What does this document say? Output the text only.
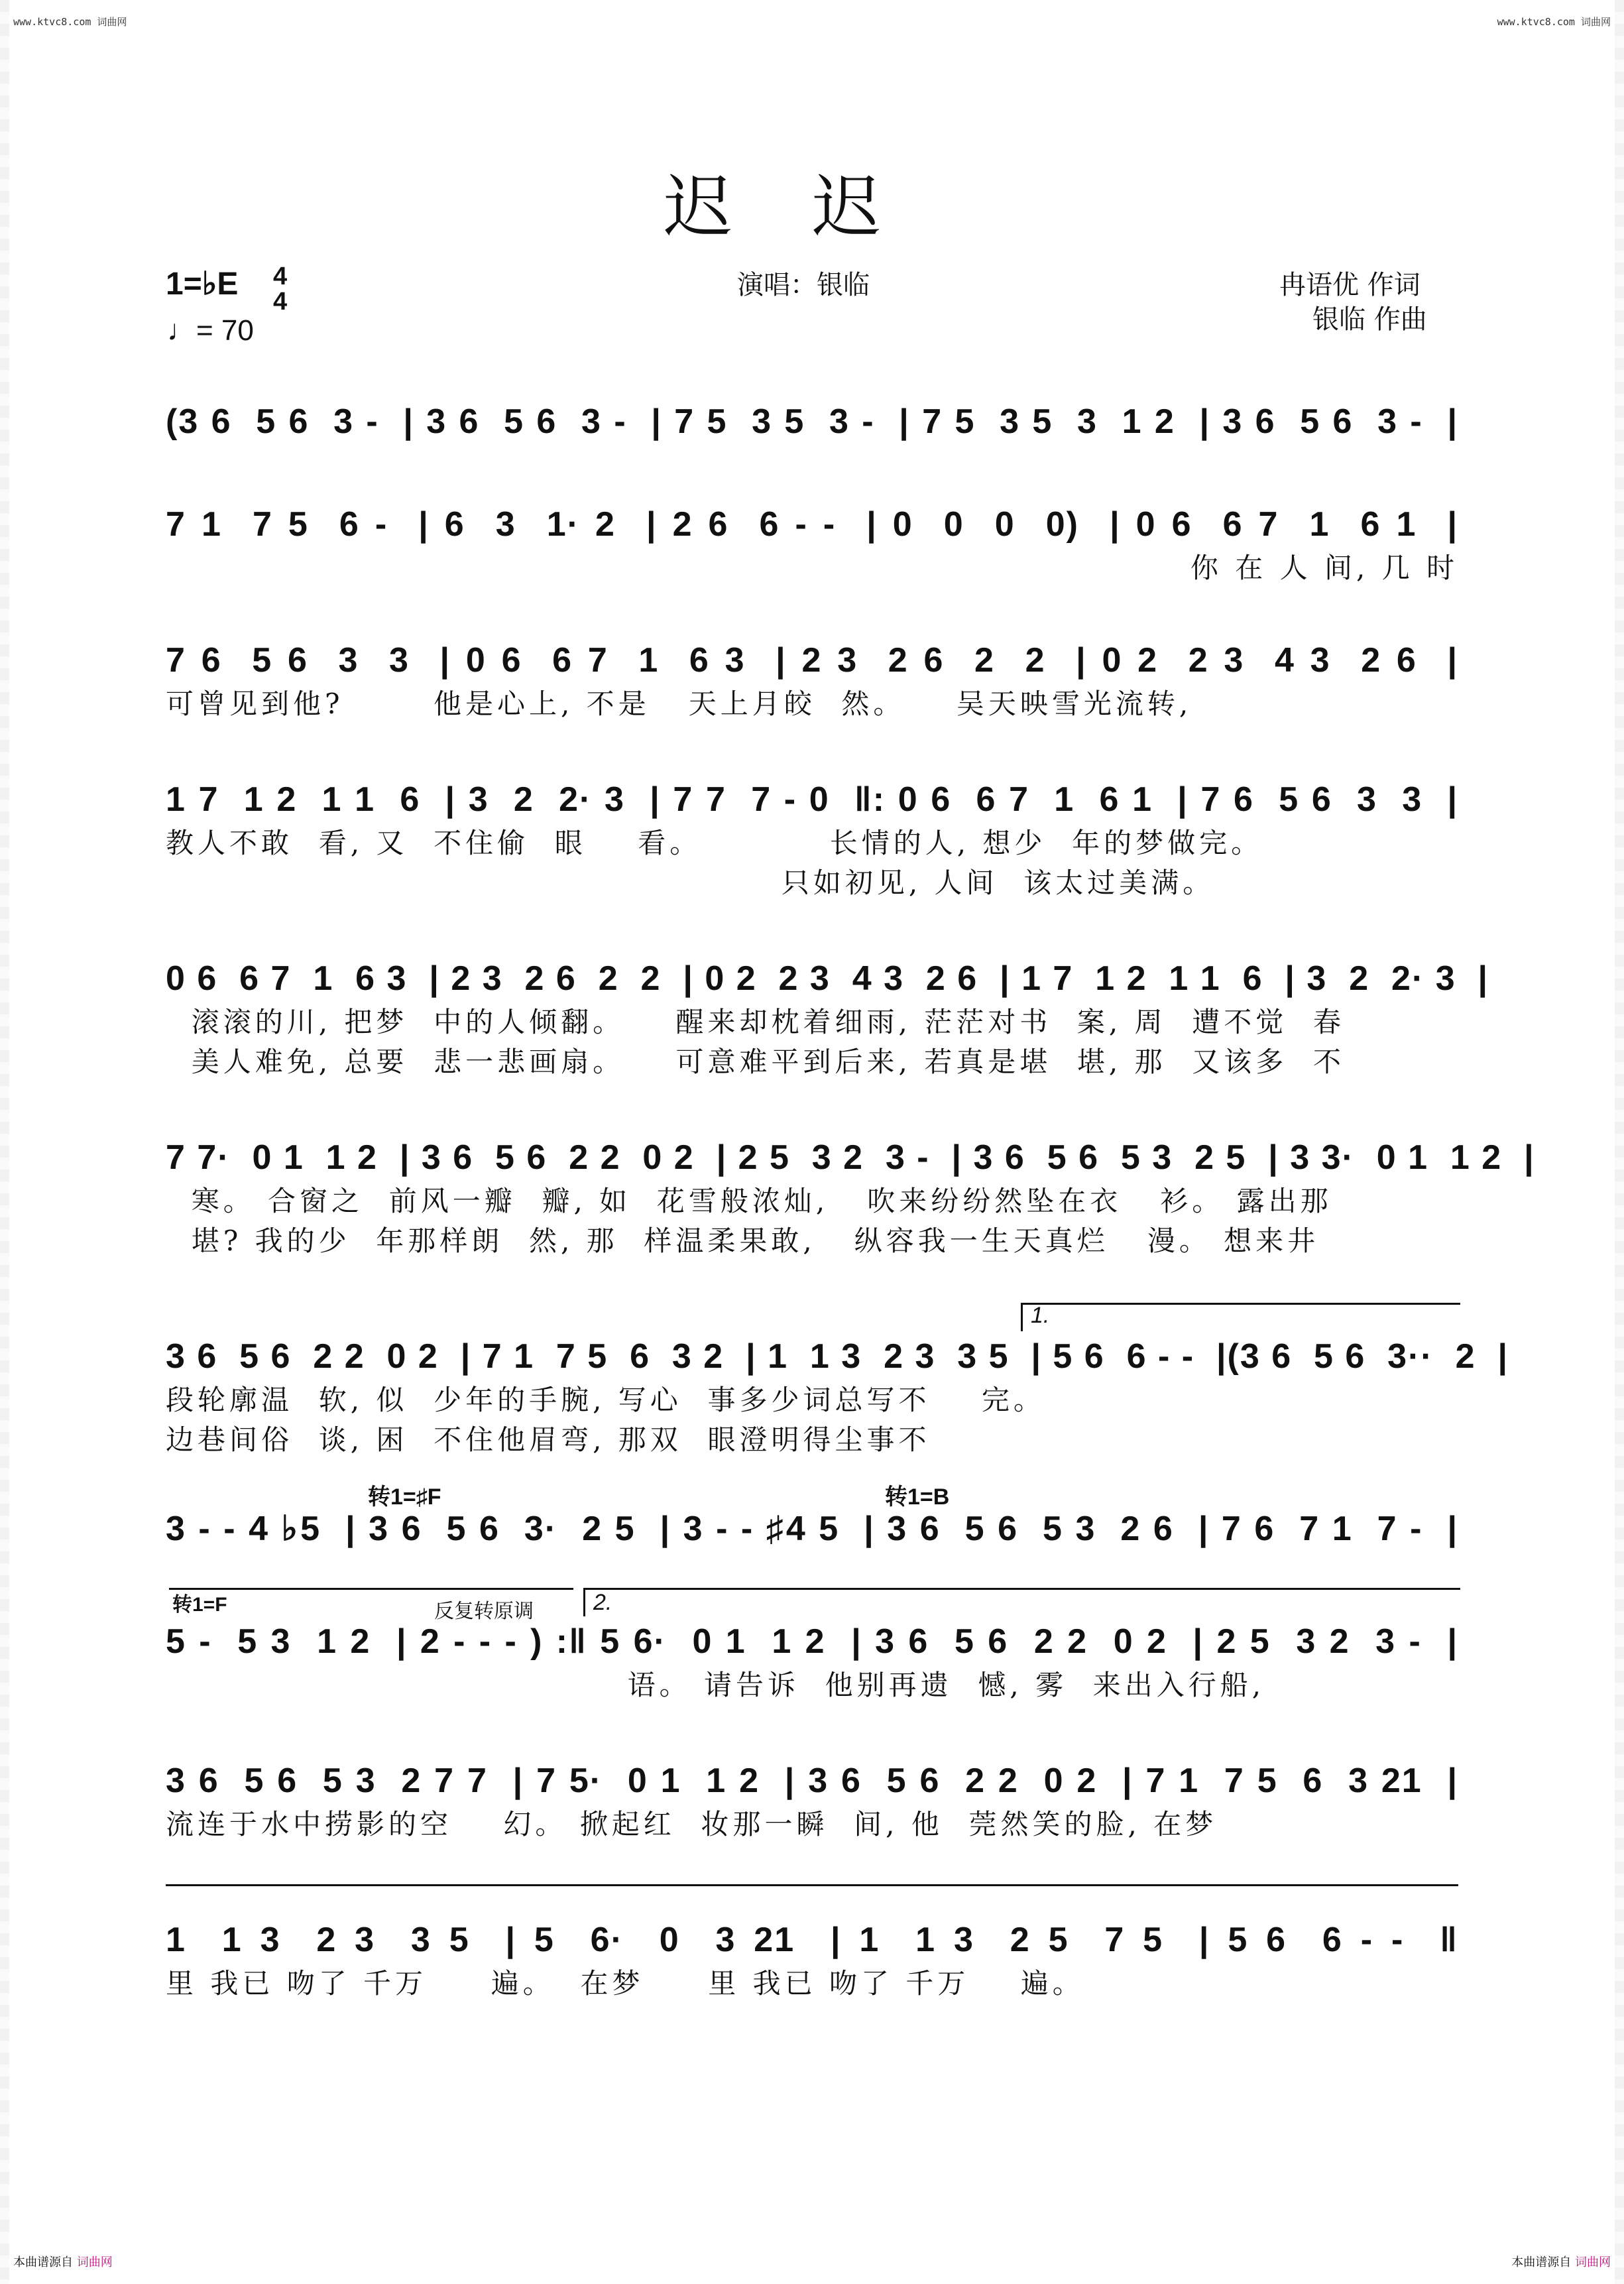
www.ktvc8.com 词曲网	www.ktvc8.com 词曲网
迟迟
1=♭E 4
4
♩= 70
演唱：银临	冉语优 作词
银临 作曲
(3 6  5 6  3 -  | 3 6  5 6  3 -  | 7 5  3 5  3 -  | 7 5  3 5  3  1 2  | 3 6  5 6  3 -  |
7 1  7 5  6 -  | 6  3  1· 2  | 2 6  6 - -  | 0  0  0  0)  | 0 6  6 7  1  6 1  |
你 在 人 间, 几 时
7 6  5 6  3  3  | 0 6  6 7  1  6 3  | 2 3  2 6  2  2  | 0 2  2 3  4 3  2 6  |
可曾见到他?       他是心上, 不是   天上月皎  然。    吴天映雪光流转,
1 7  1 2  1 1  6  | 3  2  2· 3  | 7 7  7 - 0  ‖: 0 6  6 7  1  6 1  | 7 6  5 6  3  3  |
教人不敢  看, 又  不住偷  眼    看。          长情的人, 想少  年的梦做完。
只如初见, 人间  该太过美满。
0 6  6 7  1  6 3  | 2 3  2 6  2  2  | 0 2  2 3  4 3  2 6  | 1 7  1 2  1 1  6  | 3  2  2· 3  |
滚滚的川, 把梦  中的人倾翻。    醒来却枕着细雨, 茫茫对书  案, 周  遭不觉  春
美人难免, 总要  悲一悲画扇。    可意难平到后来, 若真是堪  堪, 那  又该多  不
7 7·  0 1  1 2  | 3 6  5 6  2 2  0 2  | 2 5  3 2  3 -  | 3 6  5 6  5 3  2 5  | 3 3·  0 1  1 2  |
寒。 合窗之  前风一瓣  瓣, 如  花雪般浓灿,   吹来纷纷然坠在衣   衫。 露出那
堪? 我的少  年那样朗  然, 那  样温柔果敢,   纵容我一生天真烂   漫。 想来井
3 6  5 6  2 2  0 2  | 7 1  7 5  6  3 2  | 1  1 3  2 3  3 5  | 5 6  6 - -  |(3 6  5 6  3··  2  |
段轮廓温  软, 似  少年的手腕, 写心  事多少词总写不    完。
边巷间俗  谈, 困  不住他眉弯, 那双  眼澄明得尘事不
3 - - 4 ♭5  | 3 6  5 6  3·  2 5  | 3 - - ♯4 5  | 3 6  5 6  5 3  2 6  | 7 6  7 1  7 -  |
5 -  5 3  1 2  | 2 - - - ) :‖ 5 6·  0 1  1 2  | 3 6  5 6  2 2  0 2  | 2 5  3 2  3 -  |
语。 请告诉  他别再遗  憾, 雾  来出入行船,
3 6  5 6  5 3  2 7 7  | 7 5·  0 1  1 2  | 3 6  5 6  2 2  0 2  | 7 1  7 5  6  3 21  |
流连于水中捞影的空    幻。 掀起红  妆那一瞬  间, 他  莞然笑的脸, 在梦
1  1 3  2 3  3 5  | 5  6·  0  3 21  | 1  1 3  2 5  7 5  | 5 6  6 - -  ‖
里 我已 吻了 千万     遍。  在梦     里 我已 吻了 千万    遍。
1.
转1=♯F	转1=B
转1=F	反复转原调	2.
本曲谱源自 词曲网	本曲谱源自 词曲网
